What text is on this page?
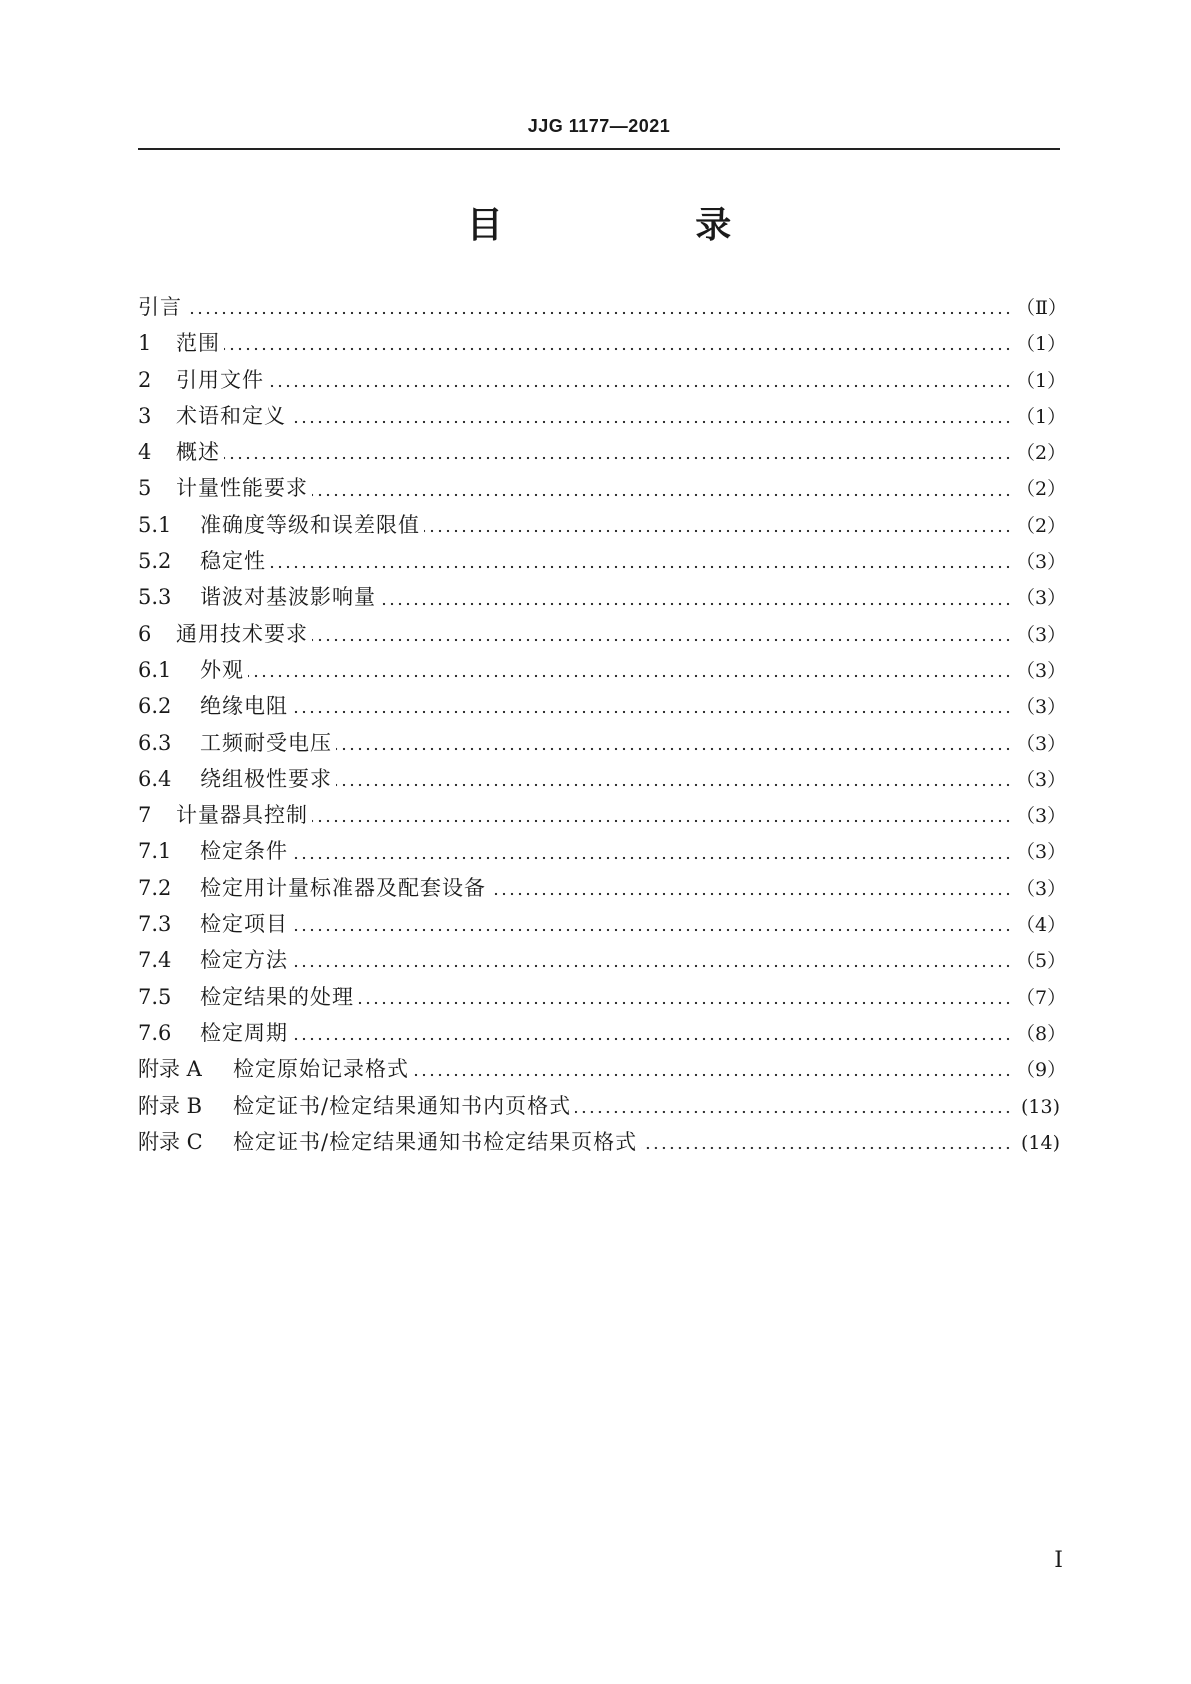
JJG 1177—2021
目 录
引言	（Ⅱ）
1	范围	（1）
2	引用文件	（1）
3	术语和定义	（1）
4	概述	（2）
5	计量性能要求	（2）
5.1	准确度等级和误差限值	（2）
5.2	稳定性	（3）
5.3	谐波对基波影响量	（3）
6	通用技术要求	（3）
6.1	外观	（3）
6.2	绝缘电阻	（3）
6.3	工频耐受电压	（3）
6.4	绕组极性要求	（3）
7	计量器具控制	（3）
7.1	检定条件	（3）
7.2	检定用计量标准器及配套设备	（3）
7.3	检定项目	（4）
7.4	检定方法	（5）
7.5	检定结果的处理	（7）
7.6	检定周期	（8）
附录 A	检定原始记录格式	（9）
附录 B	检定证书/检定结果通知书内页格式	(13)
附录 C	检定证书/检定结果通知书检定结果页格式	(14)
Ⅰ
